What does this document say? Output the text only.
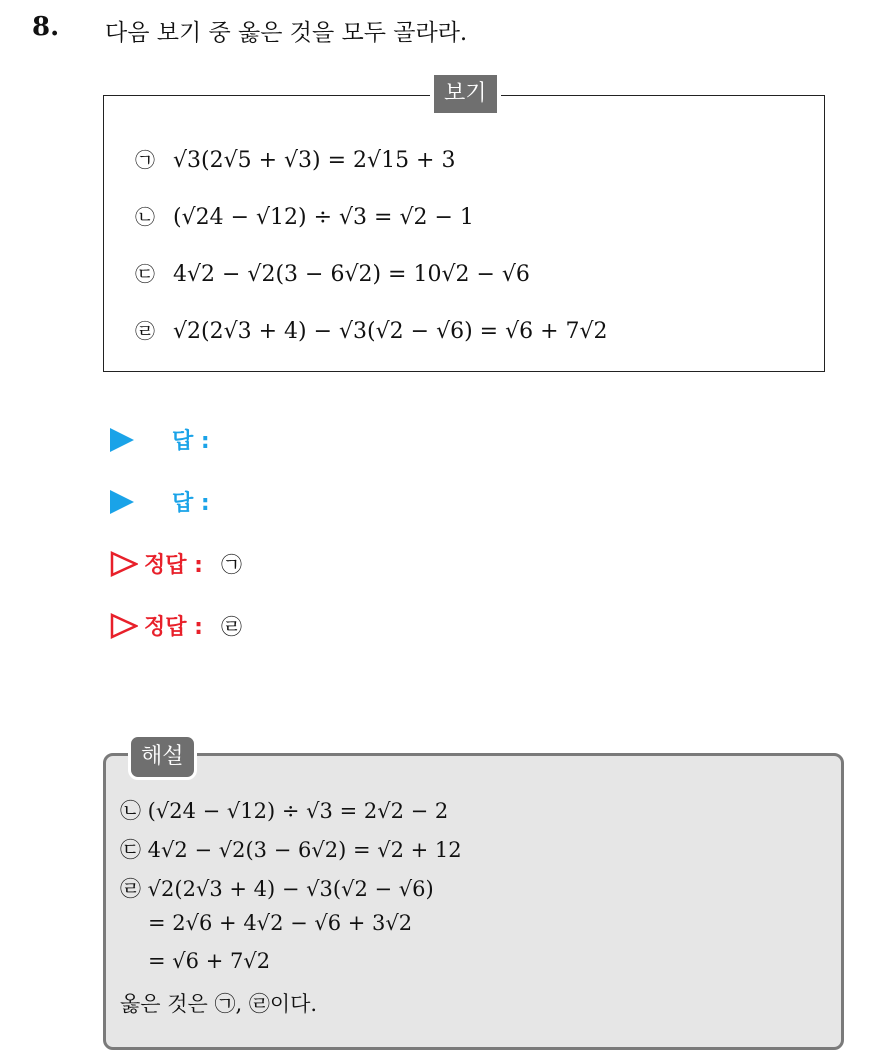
8. 다음 보기 중 옳은 것을 모두 골라라.
보기
㉠ √3(2√5 + √3) = 2√15 + 3
㉡ (√24 − √12) ÷ √3 = √2 − 1
㉢ 4√2 − √2(3 − 6√2) = 10√2 − √6
㉣ √2(2√3 + 4) − √3(√2 − √6) = √6 + 7√2
답 :
답 :
정답 : ㉠
정답 : ㉣
해설
㉡ (√24 − √12) ÷ √3 = 2√2 − 2
㉢ 4√2 − √2(3 − 6√2) = √2 + 12
㉣ √2(2√3 + 4) − √3(√2 − √6)
= 2√6 + 4√2 − √6 + 3√2
= √6 + 7√2
옳은 것은 ㉠, ㉣이다.
